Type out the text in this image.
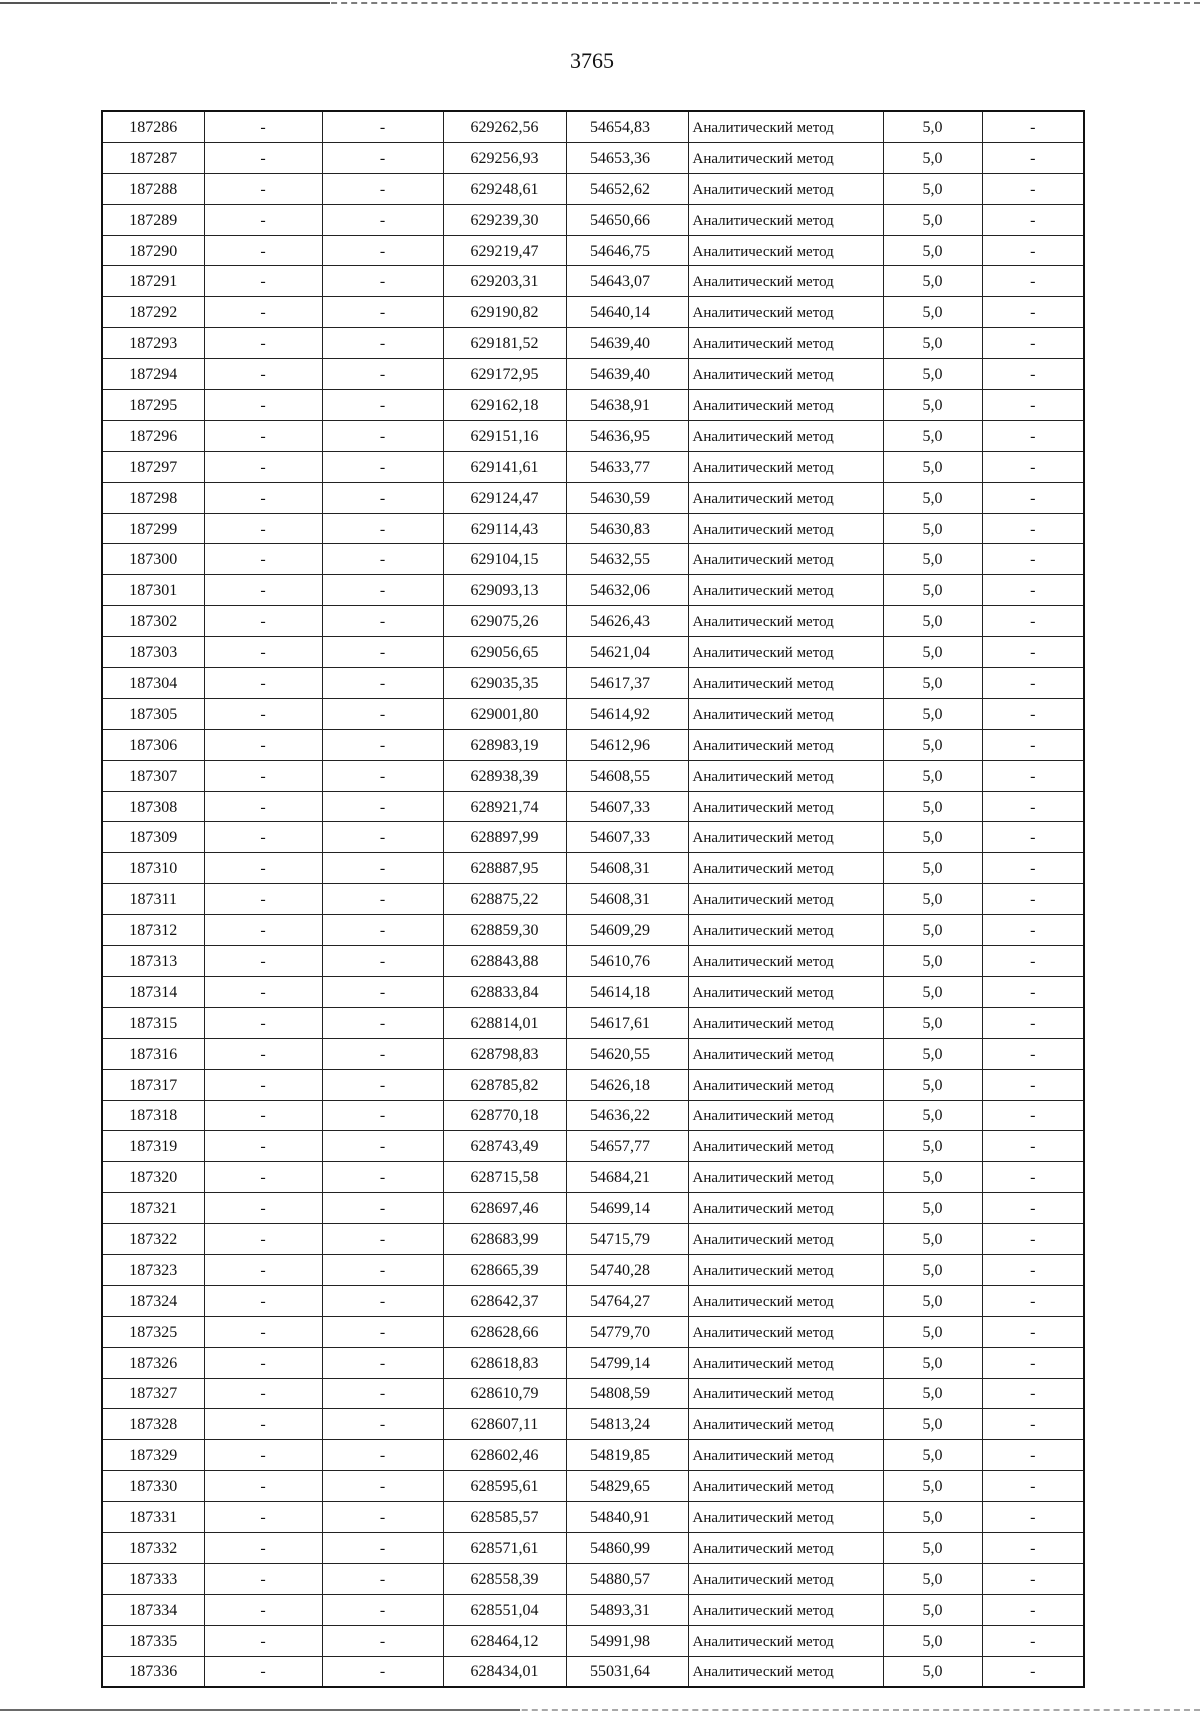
3765
187286	-	-	629262,56	54654,83	Аналитический метод	5,0	-
187287	-	-	629256,93	54653,36	Аналитический метод	5,0	-
187288	-	-	629248,61	54652,62	Аналитический метод	5,0	-
187289	-	-	629239,30	54650,66	Аналитический метод	5,0	-
187290	-	-	629219,47	54646,75	Аналитический метод	5,0	-
187291	-	-	629203,31	54643,07	Аналитический метод	5,0	-
187292	-	-	629190,82	54640,14	Аналитический метод	5,0	-
187293	-	-	629181,52	54639,40	Аналитический метод	5,0	-
187294	-	-	629172,95	54639,40	Аналитический метод	5,0	-
187295	-	-	629162,18	54638,91	Аналитический метод	5,0	-
187296	-	-	629151,16	54636,95	Аналитический метод	5,0	-
187297	-	-	629141,61	54633,77	Аналитический метод	5,0	-
187298	-	-	629124,47	54630,59	Аналитический метод	5,0	-
187299	-	-	629114,43	54630,83	Аналитический метод	5,0	-
187300	-	-	629104,15	54632,55	Аналитический метод	5,0	-
187301	-	-	629093,13	54632,06	Аналитический метод	5,0	-
187302	-	-	629075,26	54626,43	Аналитический метод	5,0	-
187303	-	-	629056,65	54621,04	Аналитический метод	5,0	-
187304	-	-	629035,35	54617,37	Аналитический метод	5,0	-
187305	-	-	629001,80	54614,92	Аналитический метод	5,0	-
187306	-	-	628983,19	54612,96	Аналитический метод	5,0	-
187307	-	-	628938,39	54608,55	Аналитический метод	5,0	-
187308	-	-	628921,74	54607,33	Аналитический метод	5,0	-
187309	-	-	628897,99	54607,33	Аналитический метод	5,0	-
187310	-	-	628887,95	54608,31	Аналитический метод	5,0	-
187311	-	-	628875,22	54608,31	Аналитический метод	5,0	-
187312	-	-	628859,30	54609,29	Аналитический метод	5,0	-
187313	-	-	628843,88	54610,76	Аналитический метод	5,0	-
187314	-	-	628833,84	54614,18	Аналитический метод	5,0	-
187315	-	-	628814,01	54617,61	Аналитический метод	5,0	-
187316	-	-	628798,83	54620,55	Аналитический метод	5,0	-
187317	-	-	628785,82	54626,18	Аналитический метод	5,0	-
187318	-	-	628770,18	54636,22	Аналитический метод	5,0	-
187319	-	-	628743,49	54657,77	Аналитический метод	5,0	-
187320	-	-	628715,58	54684,21	Аналитический метод	5,0	-
187321	-	-	628697,46	54699,14	Аналитический метод	5,0	-
187322	-	-	628683,99	54715,79	Аналитический метод	5,0	-
187323	-	-	628665,39	54740,28	Аналитический метод	5,0	-
187324	-	-	628642,37	54764,27	Аналитический метод	5,0	-
187325	-	-	628628,66	54779,70	Аналитический метод	5,0	-
187326	-	-	628618,83	54799,14	Аналитический метод	5,0	-
187327	-	-	628610,79	54808,59	Аналитический метод	5,0	-
187328	-	-	628607,11	54813,24	Аналитический метод	5,0	-
187329	-	-	628602,46	54819,85	Аналитический метод	5,0	-
187330	-	-	628595,61	54829,65	Аналитический метод	5,0	-
187331	-	-	628585,57	54840,91	Аналитический метод	5,0	-
187332	-	-	628571,61	54860,99	Аналитический метод	5,0	-
187333	-	-	628558,39	54880,57	Аналитический метод	5,0	-
187334	-	-	628551,04	54893,31	Аналитический метод	5,0	-
187335	-	-	628464,12	54991,98	Аналитический метод	5,0	-
187336	-	-	628434,01	55031,64	Аналитический метод	5,0	-
